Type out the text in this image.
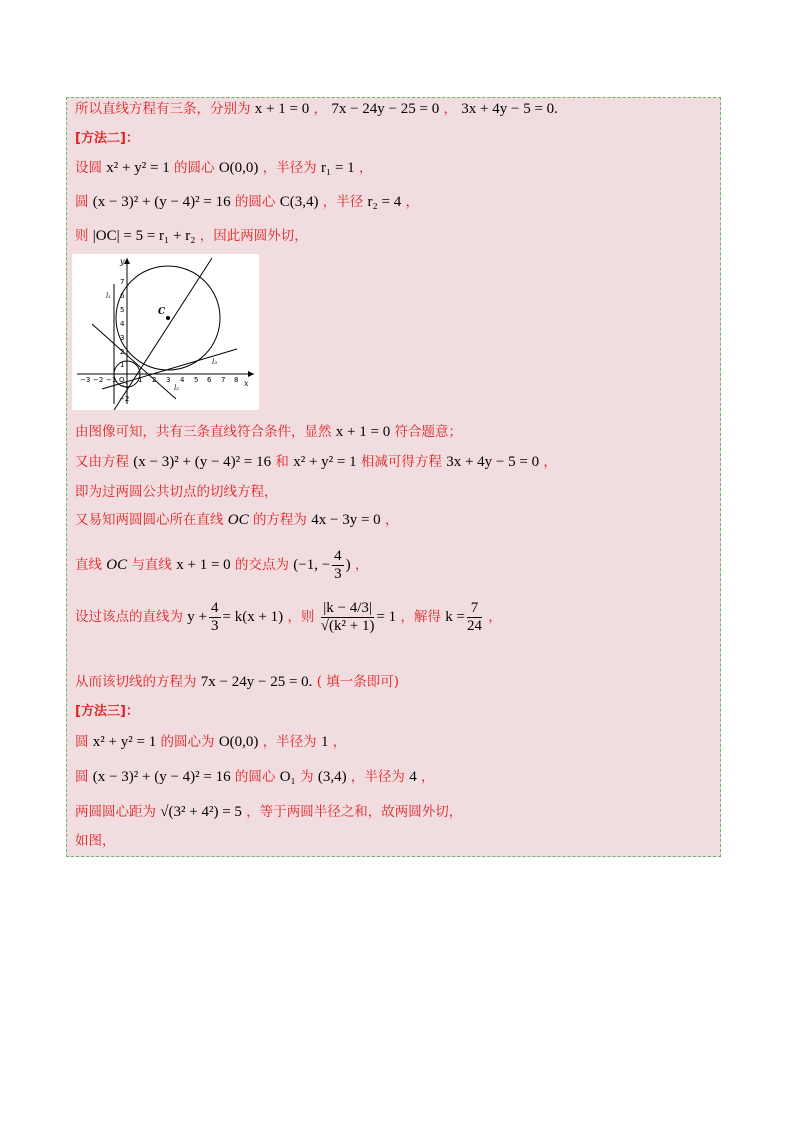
所以直线方程有三条，分别为 x + 1 = 0 ， 7x − 24y − 25 = 0 ， 3x + 4y − 5 = 0.
[方法二]：
设圆 x² + y² = 1 的圆心 O(0,0) ，半径为 r₁ = 1 ，
圆 (x − 3)² + (y − 4)² = 16 的圆心 C(3,4) ，半径 r₂ = 4 ，
则 |OC| = 5 = r₁ + r₂ ，因此两圆外切，
−3 −2 −1 O 1 2 3 4 5 6 7 8
7
6
5
4
3
2
1
−1
−2
x
y
C
l₁
l₂
l₃
由图像可知，共有三条直线符合条件，显然 x + 1 = 0 符合题意；
又由方程 (x − 3)² + (y − 4)² = 16 和 x² + y² = 1 相减可得方程 3x + 4y − 5 = 0 ，
即为过两圆公共切点的切线方程，
又易知两圆圆心所在直线 OC 的方程为 4x − 3y = 0 ，
直线 OC 与直线 x + 1 = 0 的交点为 (−1, − $\frac{4}{3}$ ) ，
设过该点的直线为 $y + \frac{4}{3} = k(x + 1)$ ，则 $\frac{|k - 4/3|}{\text{√(k² + 1)}} = 1$ ，解得 $k = \frac{7}{24}$ ，
从而该切线的方程为 7x − 24y − 25 = 0. ( 填一条即可)
[方法三]：
圆 x² + y² = 1 的圆心为 O(0,0) ，半径为 1 ，
圆 (x − 3)² + (y − 4)² = 16 的圆心 O₁ 为 (3,4) ，半径为 4 ，
两圆圆心距为 √(3² + 4²) = 5 ，等于两圆半径之和，故两圆外切，
如图，
